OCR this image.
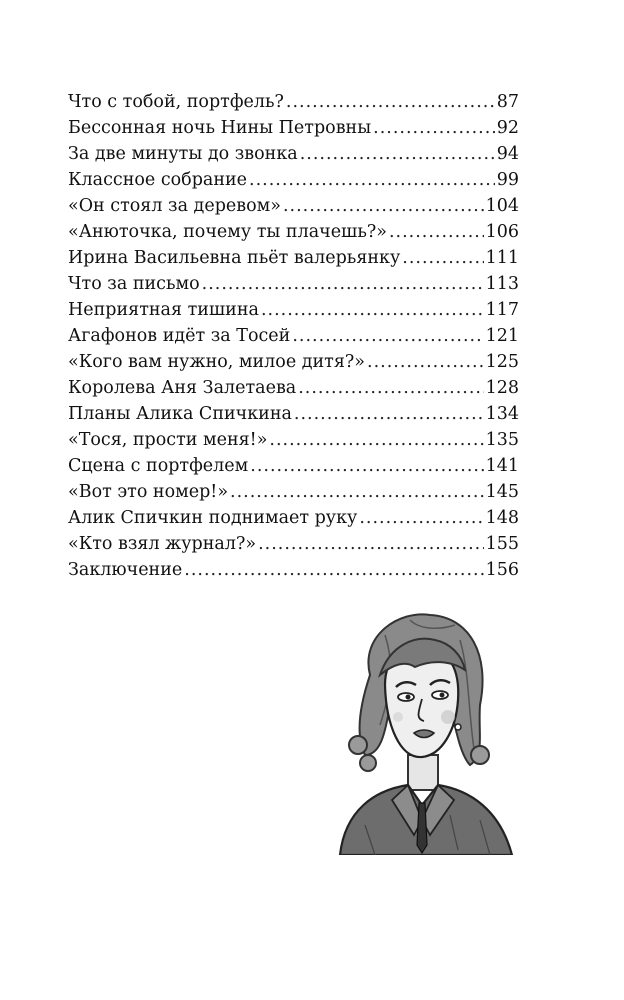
Что с тобой, портфель? .....	87
Бессонная ночь Нины Петровны .....	92
За две минуты до звонка .....	94
Классное собрание .....	99
«Он стоял за деревом» .....	104
«Анюточка, почему ты плачешь?» .....	106
Ирина Васильевна пьёт валерьянку .....	111
Что за письмо .....	113
Неприятная тишина .....	117
Агафонов идёт за Тосей .....	121
«Кого вам нужно, милое дитя?» .....	125
Королева Аня Залетаева .....	128
Планы Алика Спичкина .....	134
«Тося, прости меня!» .....	135
Сцена с портфелем .....	141
«Вот это номер!» .....	145
Алик Спичкин поднимает руку .....	148
«Кто взял журнал?» .....	155
Заключение .....	156
